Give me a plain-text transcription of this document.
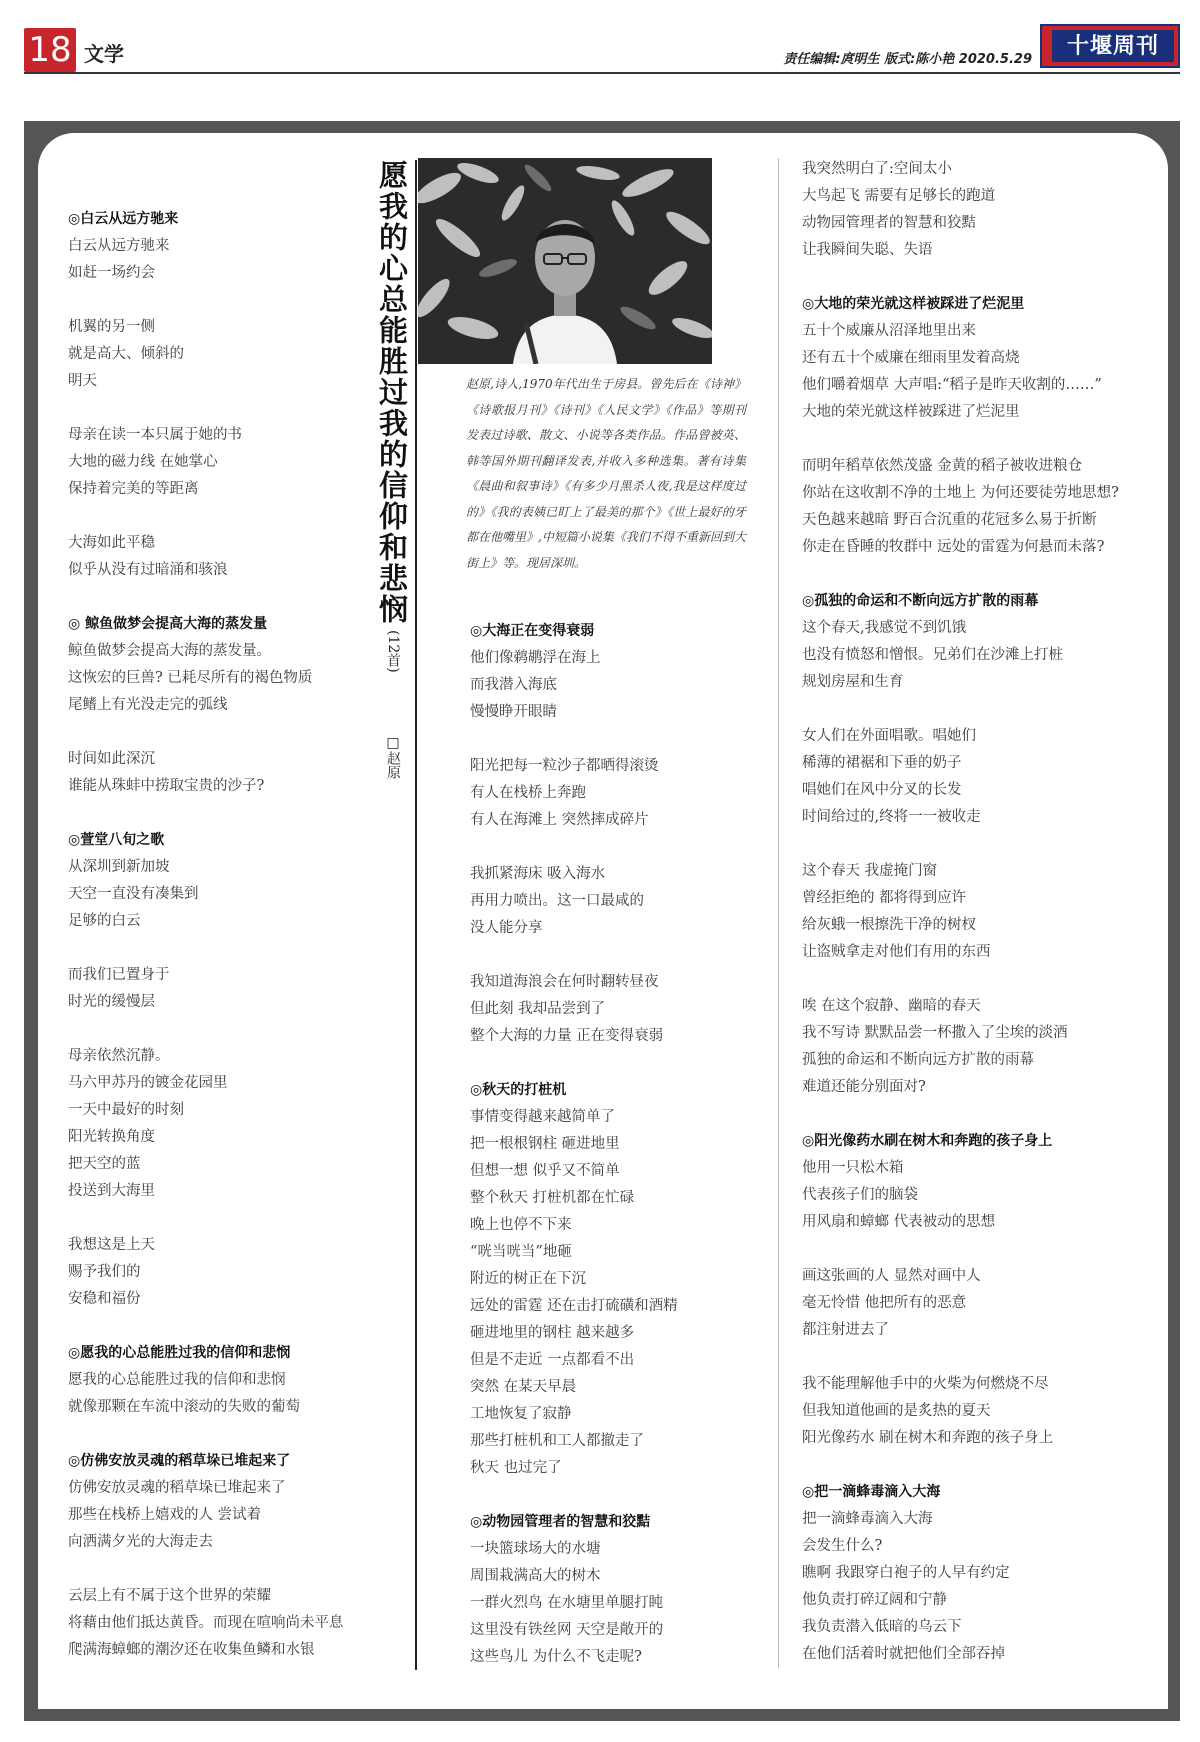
18 文学	责任编辑:庹明生 版式:陈小艳 2020.5.29
十堰周刊
◎白云从远方驰来
白云从远方驰来
如赶一场约会
机翼的另一侧
就是高大、倾斜的
明天
母亲在读一本只属于她的书
大地的磁力线 在她掌心
保持着完美的等距离
大海如此平稳
似乎从没有过暗涌和骇浪
◎ 鲸鱼做梦会提高大海的蒸发量
鲸鱼做梦会提高大海的蒸发量。
这恢宏的巨兽? 已耗尽所有的褐色物质
尾鳍上有光没走完的弧线
时间如此深沉
谁能从珠蚌中捞取宝贵的沙子?
◎萱堂八旬之歌
从深圳到新加坡
天空一直没有凑集到
足够的白云
而我们已置身于
时光的缓慢层
母亲依然沉静。
马六甲苏丹的镀金花园里
一天中最好的时刻
阳光转换角度
把天空的蓝
投送到大海里
我想这是上天
赐予我们的
安稳和福份
◎愿我的心总能胜过我的信仰和悲悯
愿我的心总能胜过我的信仰和悲悯
就像那颗在车流中滚动的失败的葡萄
◎仿佛安放灵魂的稻草垛已堆起来了
仿佛安放灵魂的稻草垛已堆起来了
那些在栈桥上嬉戏的人 尝试着
向洒满夕光的大海走去
云层上有不属于这个世界的荣耀
将藉由他们抵达黄昏。而现在喧响尚未平息
爬满海蟑螂的潮汐还在收集鱼鳞和水银
愿我的心总能胜过我的信仰和悲悯
(12首)
□赵原
赵原,诗人,1970年代出生于房县。曾先后在《诗神》《诗歌报月刊》《诗刊》《人民文学》《作品》等期刊发表过诗歌、散文、小说等各类作品。作品曾被英、韩等国外期刊翻译发表,并收入多种选集。著有诗集《晨曲和叙事诗》《有多少月黑杀人夜,我是这样度过的》《我的表姨已盯上了最美的那个》《世上最好的牙都在他嘴里》,中短篇小说集《我们不得不重新回到大街上》等。现居深圳。
◎大海正在变得衰弱
他们像鹈鹕浮在海上
而我潜入海底
慢慢睁开眼睛
阳光把每一粒沙子都晒得滚烫
有人在栈桥上奔跑
有人在海滩上 突然摔成碎片
我抓紧海床 吸入海水
再用力喷出。这一口最咸的
没人能分享
我知道海浪会在何时翻转昼夜
但此刻 我却品尝到了
整个大海的力量 正在变得衰弱
◎秋天的打桩机
事情变得越来越简单了
把一根根钢柱 砸进地里
但想一想 似乎又不简单
整个秋天 打桩机都在忙碌
晚上也停不下来
“咣当咣当”地砸
附近的树正在下沉
远处的雷霆 还在击打硫磺和酒精
砸进地里的钢柱 越来越多
但是不走近 一点都看不出
突然 在某天早晨
工地恢复了寂静
那些打桩机和工人都撤走了
秋天 也过完了
◎动物园管理者的智慧和狡黠
一块篮球场大的水塘
周围栽满高大的树木
一群火烈鸟 在水塘里单腿打盹
这里没有铁丝网 天空是敞开的
这些鸟儿 为什么不飞走呢?
我突然明白了:空间太小
大鸟起飞 需要有足够长的跑道
动物园管理者的智慧和狡黠
让我瞬间失聪、失语
◎大地的荣光就这样被踩进了烂泥里
五十个威廉从沼泽地里出来
还有五十个威廉在细雨里发着高烧
他们嚼着烟草 大声唱:“稻子是昨天收割的……”
大地的荣光就这样被踩进了烂泥里
而明年稻草依然茂盛 金黄的稻子被收进粮仓
你站在这收割不净的土地上 为何还要徒劳地思想?
天色越来越暗 野百合沉重的花冠多么易于折断
你走在昏睡的牧群中 远处的雷霆为何悬而未落?
◎孤独的命运和不断向远方扩散的雨幕
这个春天,我感觉不到饥饿
也没有愤怒和憎恨。兄弟们在沙滩上打桩
规划房屋和生育
女人们在外面唱歌。唱她们
稀薄的裙裾和下垂的奶子
唱她们在风中分叉的长发
时间给过的,终将一一被收走
这个春天 我虚掩门窗
曾经拒绝的 都将得到应许
给灰蛾一根擦洗干净的树杈
让盗贼拿走对他们有用的东西
唉 在这个寂静、幽暗的春天
我不写诗 默默品尝一杯撒入了尘埃的淡酒
孤独的命运和不断向远方扩散的雨幕
难道还能分别面对?
◎阳光像药水刷在树木和奔跑的孩子身上
他用一只松木箱
代表孩子们的脑袋
用风扇和蟑螂 代表被动的思想
画这张画的人 显然对画中人
毫无怜惜 他把所有的恶意
都注射进去了
我不能理解他手中的火柴为何燃烧不尽
但我知道他画的是炙热的夏天
阳光像药水 刷在树木和奔跑的孩子身上
◎把一滴蜂毒滴入大海
把一滴蜂毒滴入大海
会发生什么?
瞧啊 我跟穿白袍子的人早有约定
他负责打碎辽阔和宁静
我负责潜入低暗的乌云下
在他们活着时就把他们全部吞掉
